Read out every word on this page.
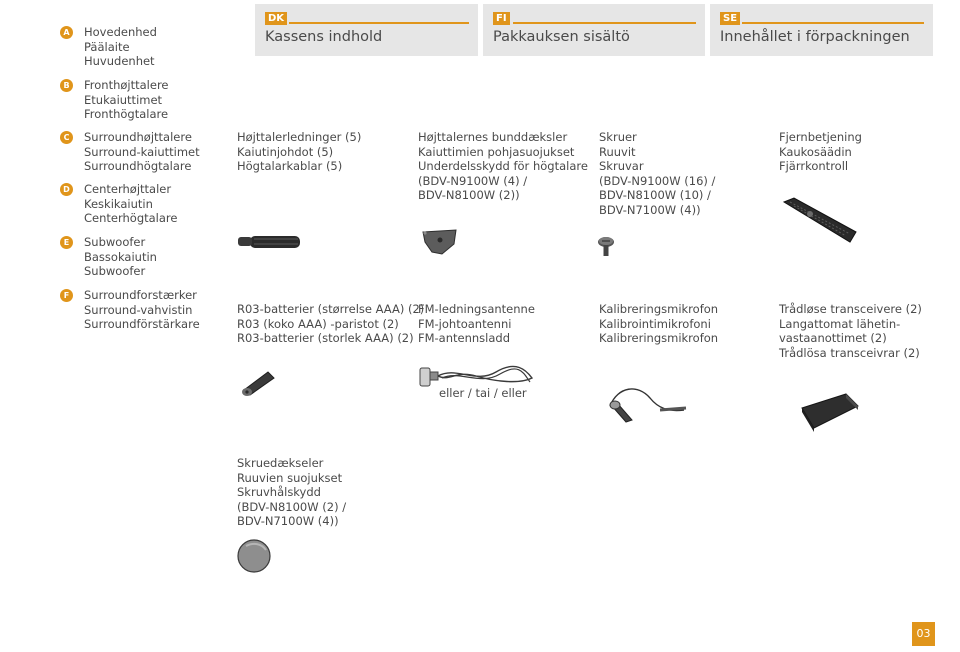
A Hovedenhed
Päälaite
Huvudenhet
B	Fronthøjttalere
Etukaiuttimet
Fronthögtalare
C	Surroundhøjttalere
Surround-kaiuttimet
Surroundhögtalare
D Centerhøjttaler
Keskikaiutin
Centerhögtalare
E	Subwoofer
Bassokaiutin
Subwoofer
F	Surroundforstærker
Surround-vahvistin
Surroundförstärkare
DK
Kassens indhold
FI
Pakkauksen sisältö
SE
Innehållet i förpackningen
Højttalerledninger (5)
Kaiutinjohdot (5)
Högtalarkablar (5)
Højttalernes bunddæksler
Kaiuttimien pohjasuojukset
Underdelsskydd för högtalare
(BDV-N9100W (4) /
BDV-N8100W (2))
Skruer
Ruuvit
Skruvar
(BDV-N9100W (16) /
BDV-N8100W (10) /
BDV-N7100W (4))
Fjernbetjening
Kaukosäädin
Fjärrkontroll
R03-batterier (størrelse AAA) (2)
R03 (koko AAA) -paristot (2)
R03-batterier (storlek AAA) (2)
FM-ledningsantenne
FM-johtoantenni
FM-antennsladd
Kalibreringsmikrofon
Kalibrointimikrofoni
Kalibreringsmikrofon
Trådløse transceivere (2)
Langattomat lähetin-
vastaanottimet (2)
Trådlösa transceivrar (2)
eller / tai / eller
Skruedækseler
Ruuvien suojukset
Skruvhålskydd
(BDV-N8100W (2) /
BDV-N7100W (4))
03
